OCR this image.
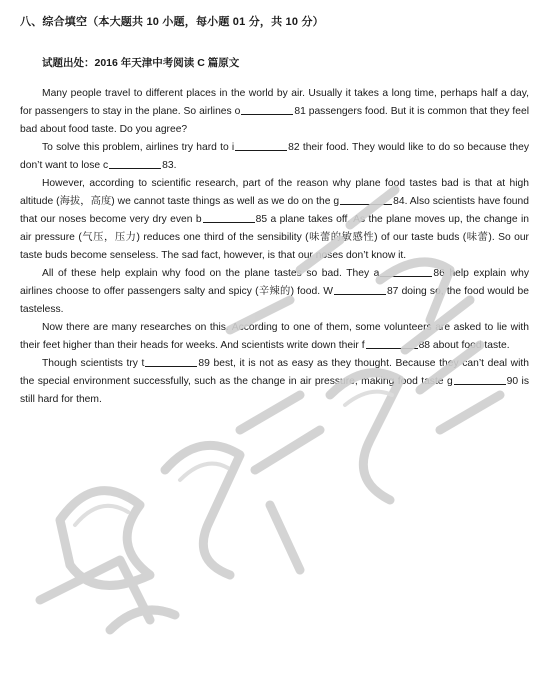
八、综合填空（本大题共 10 小题，每小题 01 分，共 10 分）
试题出处：2016 年天津中考阅读 C 篇原文

Many people travel to different places in the world by air. Usually it takes a long time, perhaps half a day, for passengers to stay in the plane. So airlines o	81 passengers food. But it is common that they feel bad about food taste. Do you agree?

To solve this problem, airlines try hard to i	82 their food. They would like to do so because they don’t want to lose c	83.

However, according to scientific research, part of the reason why plane food tastes bad is that at high altitude (海拔，高度) we cannot taste things as well as we do on the g	84. Also scientists have found that our noses become very dry even b	85 a plane takes off. As the plane moves up, the change in air pressure (气压，压力) reduces one third of the sensibility (味蕾的敏感性) of our taste buds (味蕾). So our taste buds become senseless. The sad fact, however, is that our noses don’t know it.

All of these help explain why food on the plane tastes so bad. They a	86 help explain why airlines choose to offer passengers salty and spicy (辛辣的) food. W	87 doing so, the food would be tasteless.

Now there are many researches on this. According to one of them, some volunteers are asked to lie with their feet higher than their heads for weeks. And scientists write down their f	88 about food taste.

Though scientists try t	89 best, it is not as easy as they thought. Because they can’t deal with the special environment successfully, such as the change in air pressure, making food taste g	90 is still hard for them.
